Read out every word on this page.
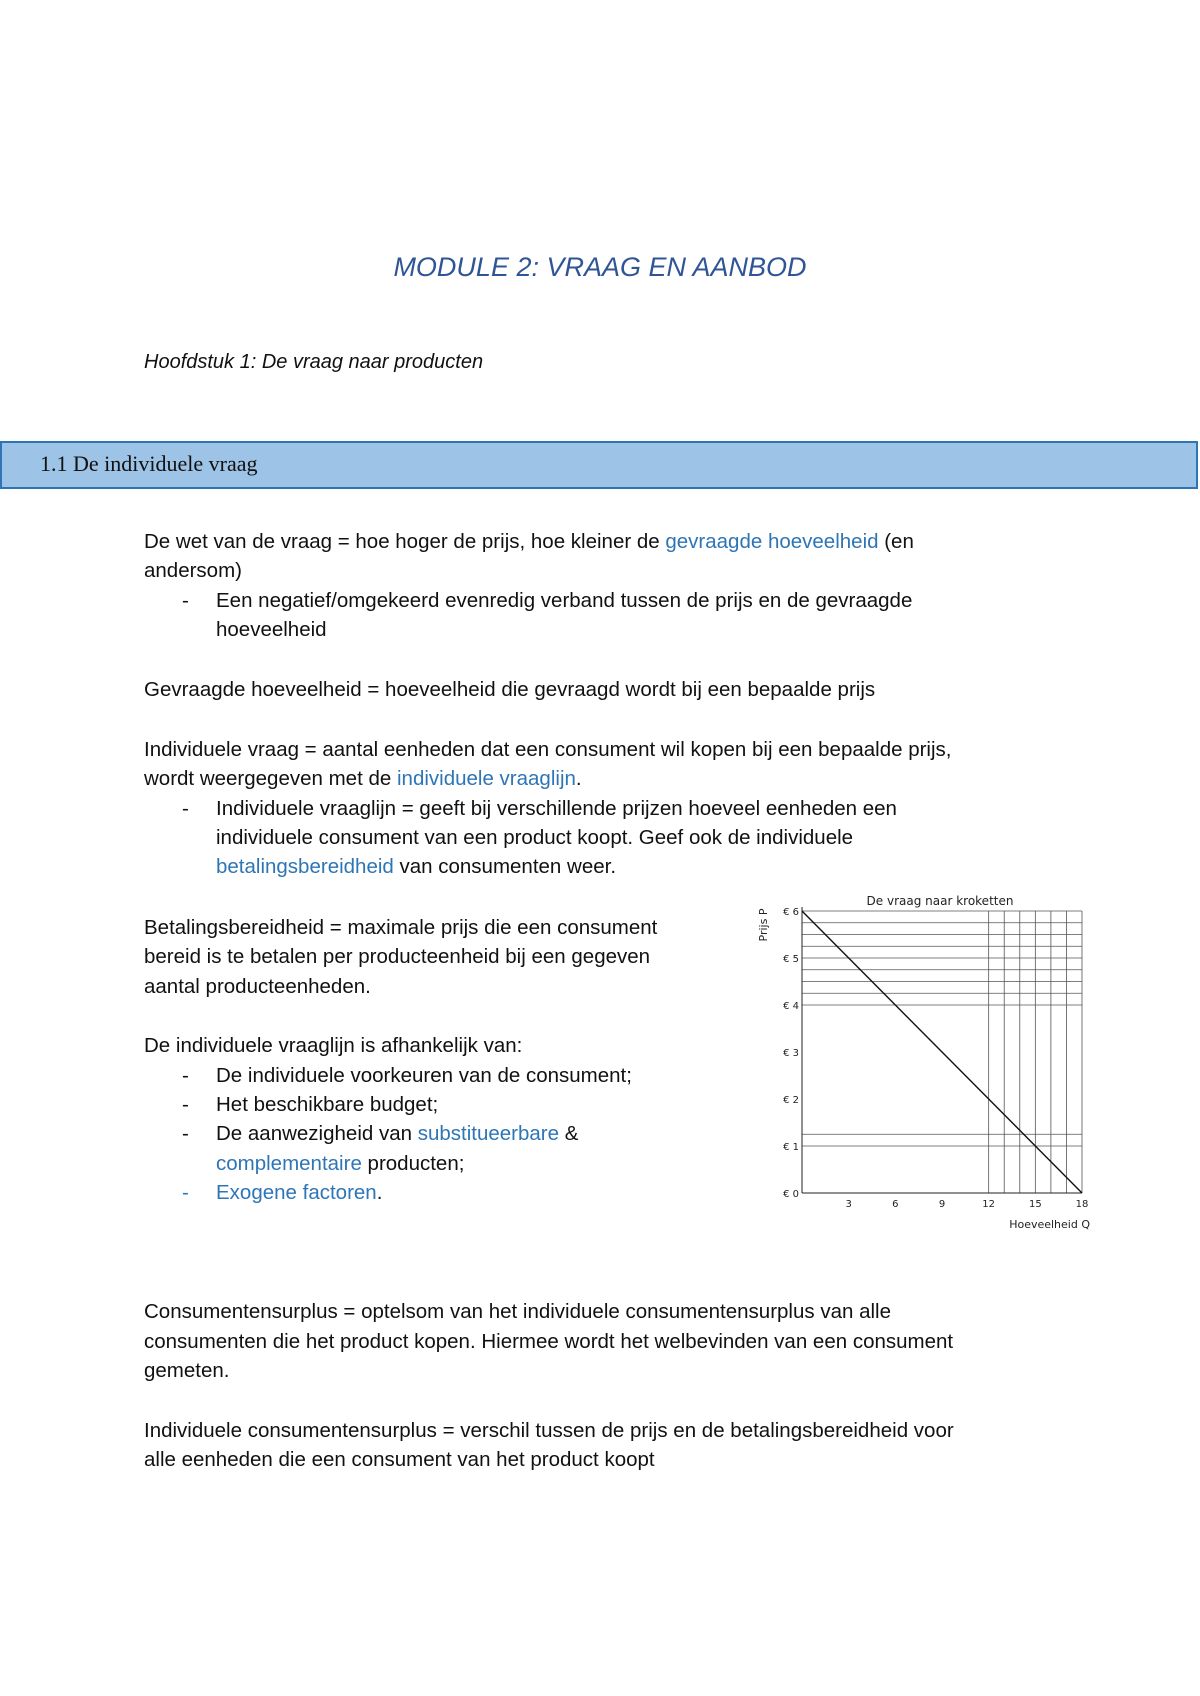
MODULE 2: VRAAG EN AANBOD

Hoofdstuk 1: De vraag naar producten

1.1 De individuele vraag

De wet van de vraag = hoe hoger de prijs, hoe kleiner de gevraagde hoeveelheid (en

andersom)

- Een negatief/omgekeerd evenredig verband tussen de prijs en de gevraagde

hoeveelheid

Gevraagde hoeveelheid = hoeveelheid die gevraagd wordt bij een bepaalde prijs

Individuele vraag = aantal eenheden dat een consument wil kopen bij een bepaalde prijs,

wordt weergegeven met de individuele vraaglijn.

- Individuele vraaglijn = geeft bij verschillende prijzen hoeveel eenheden een

individuele consument van een product koopt. Geef ook de individuele

betalingsbereidheid van consumenten weer.

Betalingsbereidheid = maximale prijs die een consument

bereid is te betalen per producteenheid bij een gegeven

aantal producteenheden.

De individuele vraaglijn is afhankelijk van:

- De individuele voorkeuren van de consument;

- Het beschikbare budget;

- De aanwezigheid van substitueerbare &

complementaire producten;

- Exogene factoren.

3	6	9	12	15	18
€ 0
€ 1
€ 2
€ 3
€ 4
€ 5
€ 6
De vraag naar kroketten
Prijs P
Hoeveelheid Q

Consumentensurplus = optelsom van het individuele consumentensurplus van alle

consumenten die het product kopen. Hiermee wordt het welbevinden van een consument

gemeten.

Individuele consumentensurplus = verschil tussen de prijs en de betalingsbereidheid voor

alle eenheden die een consument van het product koopt
